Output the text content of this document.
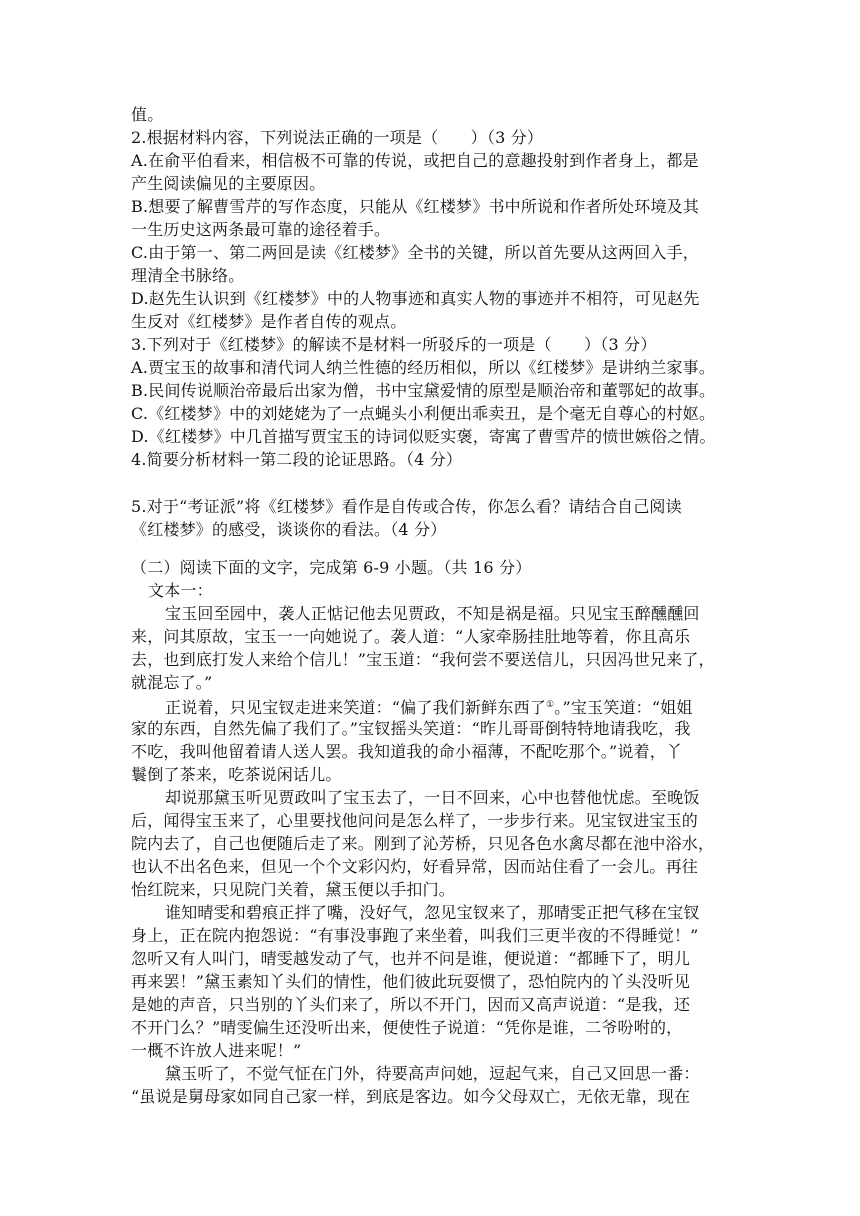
值。
2.根据材料内容，下列说法正确的一项是（　　）（3 分）
A.在俞平伯看来，相信极不可靠的传说，或把自己的意趣投射到作者身上，都是
产生阅读偏见的主要原因。
B.想要了解曹雪芹的写作态度，只能从《红楼梦》书中所说和作者所处环境及其
一生历史这两条最可靠的途径着手。
C.由于第一、第二两回是读《红楼梦》全书的关键，所以首先要从这两回入手，
理清全书脉络。
D.赵先生认识到《红楼梦》中的人物事迹和真实人物的事迹并不相符，可见赵先
生反对《红楼梦》是作者自传的观点。
3.下列对于《红楼梦》的解读不是材料一所驳斥的一项是（　　）（3 分）
A.贾宝玉的故事和清代词人纳兰性德的经历相似，所以《红楼梦》是讲纳兰家事。
B.民间传说顺治帝最后出家为僧，书中宝黛爱情的原型是顺治帝和董鄂妃的故事。
C.《红楼梦》中的刘姥姥为了一点蝇头小利便出乖卖丑，是个毫无自尊心的村妪。
D.《红楼梦》中几首描写贾宝玉的诗词似贬实褒，寄寓了曹雪芹的愤世嫉俗之情。
4.简要分析材料一第二段的论证思路。（4 分）
5.对于“考证派”将《红楼梦》看作是自传或合传，你怎么看？请结合自己阅读
《红楼梦》的感受，谈谈你的看法。（4 分）
（二）阅读下面的文字，完成第 6-9 小题。（共 16 分）
文本一：
宝玉回至园中，袭人正惦记他去见贾政，不知是祸是福。只见宝玉醉醺醺回
来，问其原故，宝玉一一向她说了。袭人道：“人家牵肠挂肚地等着，你且高乐
去，也到底打发人来给个信儿！”宝玉道：“我何尝不要送信儿，只因冯世兄来了，
就混忘了。”
正说着，只见宝钗走进来笑道：“偏了我们新鲜东西了①。”宝玉笑道：“姐姐
家的东西，自然先偏了我们了。”宝钗摇头笑道：“昨儿哥哥倒特特地请我吃，我
不吃，我叫他留着请人送人罢。我知道我的命小福薄，不配吃那个。”说着，丫
鬟倒了茶来，吃茶说闲话儿。
却说那黛玉听见贾政叫了宝玉去了，一日不回来，心中也替他忧虑。至晚饭
后，闻得宝玉来了，心里要找他问问是怎么样了，一步步行来。见宝钗进宝玉的
院内去了，自己也便随后走了来。刚到了沁芳桥，只见各色水禽尽都在池中浴水，
也认不出名色来，但见一个个文彩闪灼，好看异常，因而站住看了一会儿。再往
怡红院来，只见院门关着，黛玉便以手扣门。
谁知晴雯和碧痕正拌了嘴，没好气，忽见宝钗来了，那晴雯正把气移在宝钗
身上，正在院内抱怨说：“有事没事跑了来坐着，叫我们三更半夜的不得睡觉！”
忽听又有人叫门，晴雯越发动了气，也并不问是谁，便说道：“都睡下了，明儿
再来罢！”黛玉素知丫头们的情性，他们彼此玩耍惯了，恐怕院内的丫头没听见
是她的声音，只当别的丫头们来了，所以不开门，因而又高声说道：“是我，还
不开门么？”晴雯偏生还没听出来，便使性子说道：“凭你是谁，二爷吩咐的，
一概不许放人进来呢！”
黛玉听了，不觉气怔在门外，待要高声问她，逗起气来，自己又回思一番：
“虽说是舅母家如同自己家一样，到底是客边。如今父母双亡，无依无靠，现在
